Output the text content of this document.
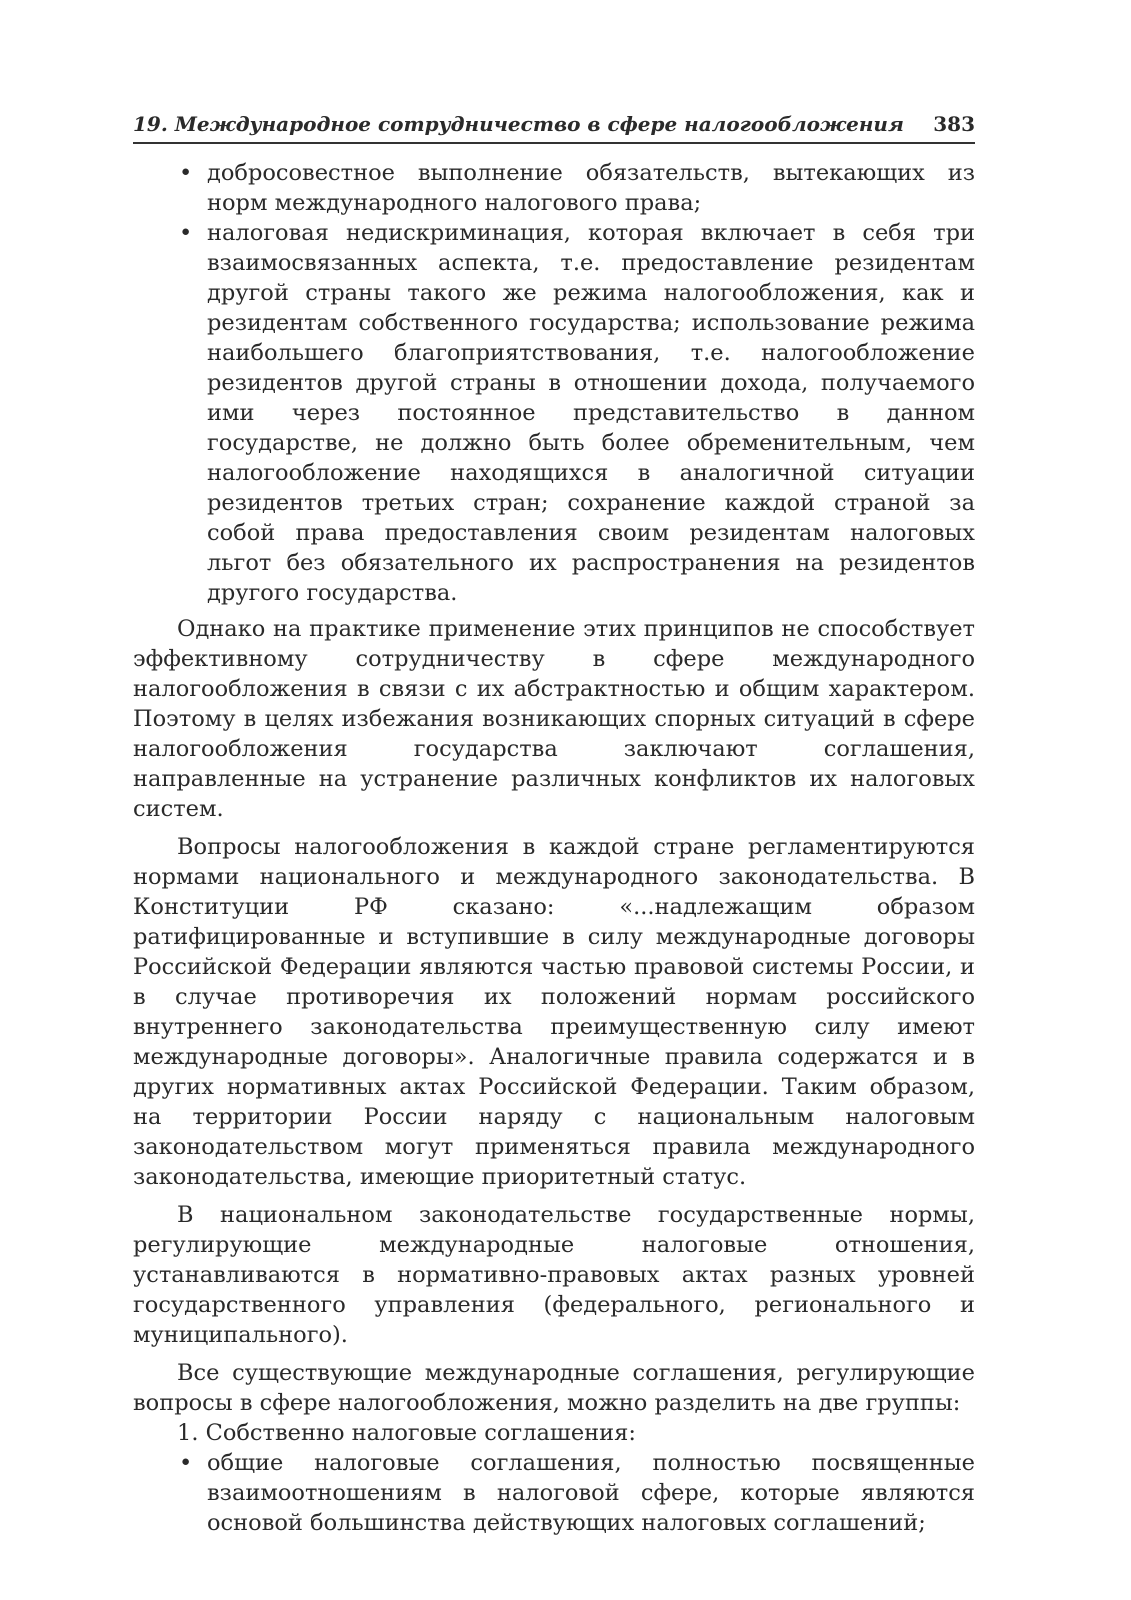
19. Международное сотрудничество в сфере налогообложения 383
• добросовестное выполнение обязательств, вытекающих из норм международного налогового права;
• налоговая недискриминация, которая включает в себя три взаимосвязанных аспекта, т.е. предоставление резидентам другой страны такого же режима налогообложения, как и резидентам собственного государства; использование режима наибольшего благоприятствования, т.е. налогообложение резидентов другой страны в отношении дохода, получаемого ими через постоянное представительство в данном государстве, не должно быть более обременительным, чем налогообложение находящихся в аналогичной ситуации резидентов третьих стран; сохранение каждой страной за собой права предоставления своим резидентам налоговых льгот без обязательного их распространения на резидентов другого государства.

Однако на практике применение этих принципов не способствует эффективному сотрудничеству в сфере международного налогообложения в связи с их абстрактностью и общим характером. Поэтому в целях избежания возникающих спорных ситуаций в сфере налогообложения государства заключают соглашения, направленные на устранение различных конфликтов их налоговых систем.

Вопросы налогообложения в каждой стране регламентируются нормами национального и международного законодательства. В Конституции РФ сказано: «...надлежащим образом ратифицированные и вступившие в силу международные договоры Российской Федерации являются частью правовой системы России, и в случае противоречия их положений нормам российского внутреннего законодательства преимущественную силу имеют международные договоры». Аналогичные правила содержатся и в других нормативных актах Российской Федерации. Таким образом, на территории России наряду с национальным налоговым законодательством могут применяться правила международного законодательства, имеющие приоритетный статус.

В национальном законодательстве государственные нормы, регулирующие международные налоговые отношения, устанавливаются в нормативно-правовых актах разных уровней государственного управления (федерального, регионального и муниципального).

Все существующие международные соглашения, регулирующие вопросы в сфере налогообложения, можно разделить на две группы:

1. Собственно налоговые соглашения:
• общие налоговые соглашения, полностью посвященные взаимоотношениям в налоговой сфере, которые являются основой большинства действующих налоговых соглашений;
